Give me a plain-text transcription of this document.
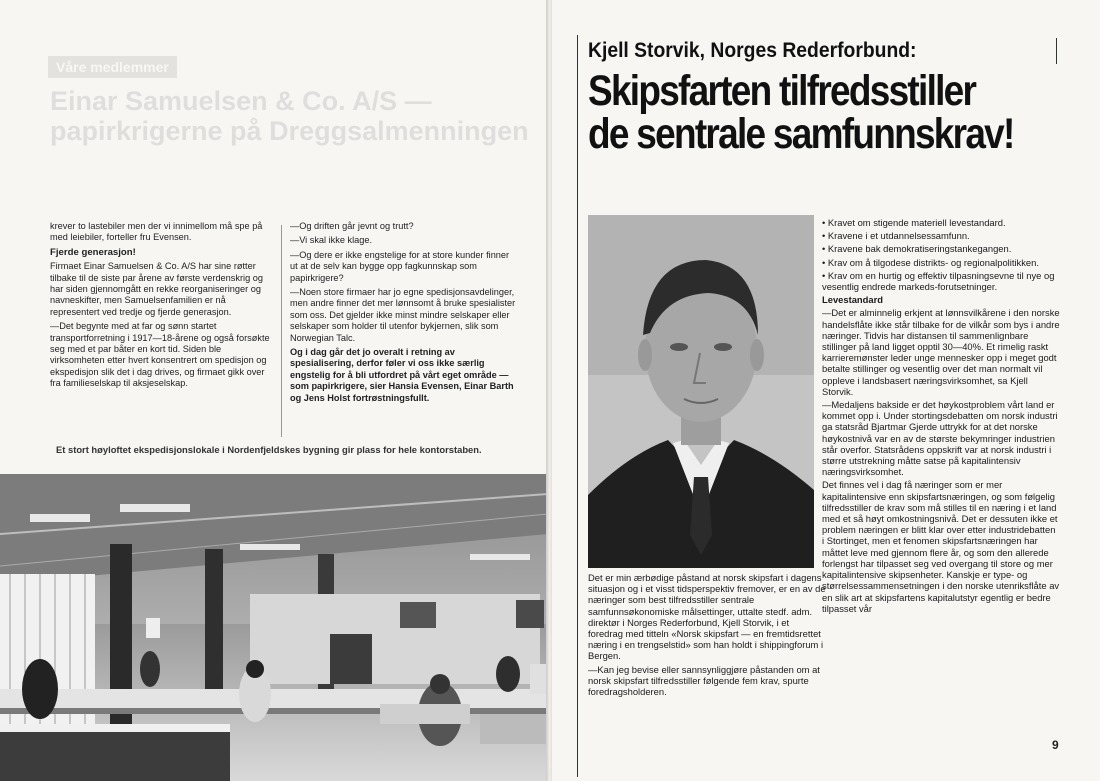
Våre medlemmer
Einar Samuelsen & Co. A/S — papirkrigerne på Dreggsalmenningen

krever to lastebiler men der vi innimellom må spe på med leiebiler, forteller fru Evensen.

Fjerde generasjon!

Firmaet Einar Samuelsen & Co. A/S har sine røtter tilbake til de siste par årene av første verdenskrig og har siden gjennomgått en rekke reorganiseringer og navneskifter, men Samuelsenfamilien er nå representert ved tredje og fjerde generasjon.

—Det begynte med at far og sønn startet transportforretning i 1917—18-årene og også forsøkte seg med et par båter en kort tid. Siden ble virksomheten etter hvert konsentrert om spedisjon og ekspedisjon slik det i dag drives, og firmaet gikk over fra familieselskap til aksjeselskap.

—Og driften går jevnt og trutt?

—Vi skal ikke klage.

—Og dere er ikke engstelige for at store kunder finner ut at de selv kan bygge opp fagkunnskap som papirkrigere?

—Noen store firmaer har jo egne spedisjonsavdelinger, men andre finner det mer lønnsomt å bruke spesialister som oss. Det gjelder ikke minst mindre selskaper eller selskaper som holder til utenfor bykjernen, slik som Norwegian Talc.

Og i dag går det jo overalt i retning av spesialisering, derfor føler vi oss ikke særlig engstelig for å bli utfordret på vårt eget område — som papirkrigere, sier Hansia Evensen, Einar Barth og Jens Holst fortrøstningsfullt.

Et stort høyloftet ekspedisjonslokale i Nordenfjeldskes bygning gir plass for hele kontorstaben.
Kjell Storvik, Norges Rederforbund:
Skipsfarten tilfredsstiller
de sentrale samfunnskrav!

Det er min ærbødige påstand at norsk skipsfart i dagens situasjon og i et visst tidsperspektiv fremover, er en av de næringer som best tilfredsstiller sentrale samfunnsøkonomiske målsettinger, uttalte stedf. adm. direktør i Norges Rederforbund, Kjell Storvik, i et foredrag med titteln «Norsk skipsfart — en fremtidsrettet næring i en trengselstid» som han holdt i shippingforum i Bergen.

—Kan jeg bevise eller sannsynliggjøre påstanden om at norsk skipsfart tilfredsstiller følgende fem krav, spurte foredragsholderen.

• Kravet om stigende materiell levestandard.

• Kravene i et utdannelsessamfunn.

• Kravene bak demokratiseringstankegangen.

• Krav om å tilgodese distrikts- og regionalpolitikken.

• Krav om en hurtig og effektiv tilpasningsevne til nye og vesentlig endrede markeds-forutsetninger.

Levestandard

—Det er alminnelig erkjent at lønnsvilkårene i den norske handelsflåte ikke står tilbake for de vilkår som bys i andre næringer. Tidvis har distansen til sammenlignbare stillinger på land ligget opptil 30—40%. Et rimelig raskt karrieremønster leder unge mennesker opp i meget godt betalte stillinger og vesentlig over det man normalt vil oppleve i landsbasert næringsvirksomhet, sa Kjell Storvik.

—Medaljens bakside er det høykostproblem vårt land er kommet opp i. Under stortingsdebatten om norsk industri ga statsråd Bjartmar Gjerde uttrykk for at det norske høykostnivå var en av de største bekymringer industrien står overfor. Statsrådens oppskrift var at norsk industri i større utstrekning måtte satse på kapitalintensiv næringsvirksomhet.

Det finnes vel i dag få næringer som er mer kapitalintensive enn skipsfartsnæringen, og som følgelig tilfredsstiller de krav som må stilles til en næring i et land med et så høyt omkostningsnivå. Det er dessuten ikke et problem næringen er blitt klar over etter industridebatten i Stortinget, men et fenomen skipsfartsnæringen har måttet leve med gjennom flere år, og som den allerede forlengst har tilpasset seg ved overgang til store og mer kapitalintensive skipsenheter. Kanskje er type- og størrelsessammensetningen i den norske utenriksflåte av en slik art at skipsfartens kapitalutstyr egentlig er bedre tilpasset vår

9
